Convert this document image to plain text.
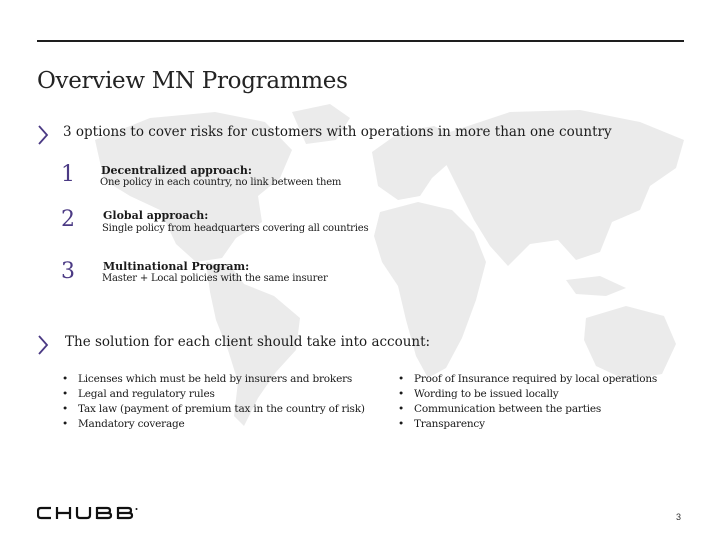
Overview MN Programmes
3 options to cover risks for customers with operations in more than one country
1 Decentralized approach:
One policy in each country, no link between them
2	Global approach:
Single policy from headquarters covering all countries
3	Multinational Program:
Master + Local policies with the same insurer
The solution for each client should take into account:
• Licenses which must be held by insurers and brokers
• Legal and regulatory rules
• Tax law (payment of premium tax in the country of risk)
• Mandatory coverage
• Proof of Insurance required by local operations
• Wording to be issued locally
• Communication between the parties
• Transparency
3
